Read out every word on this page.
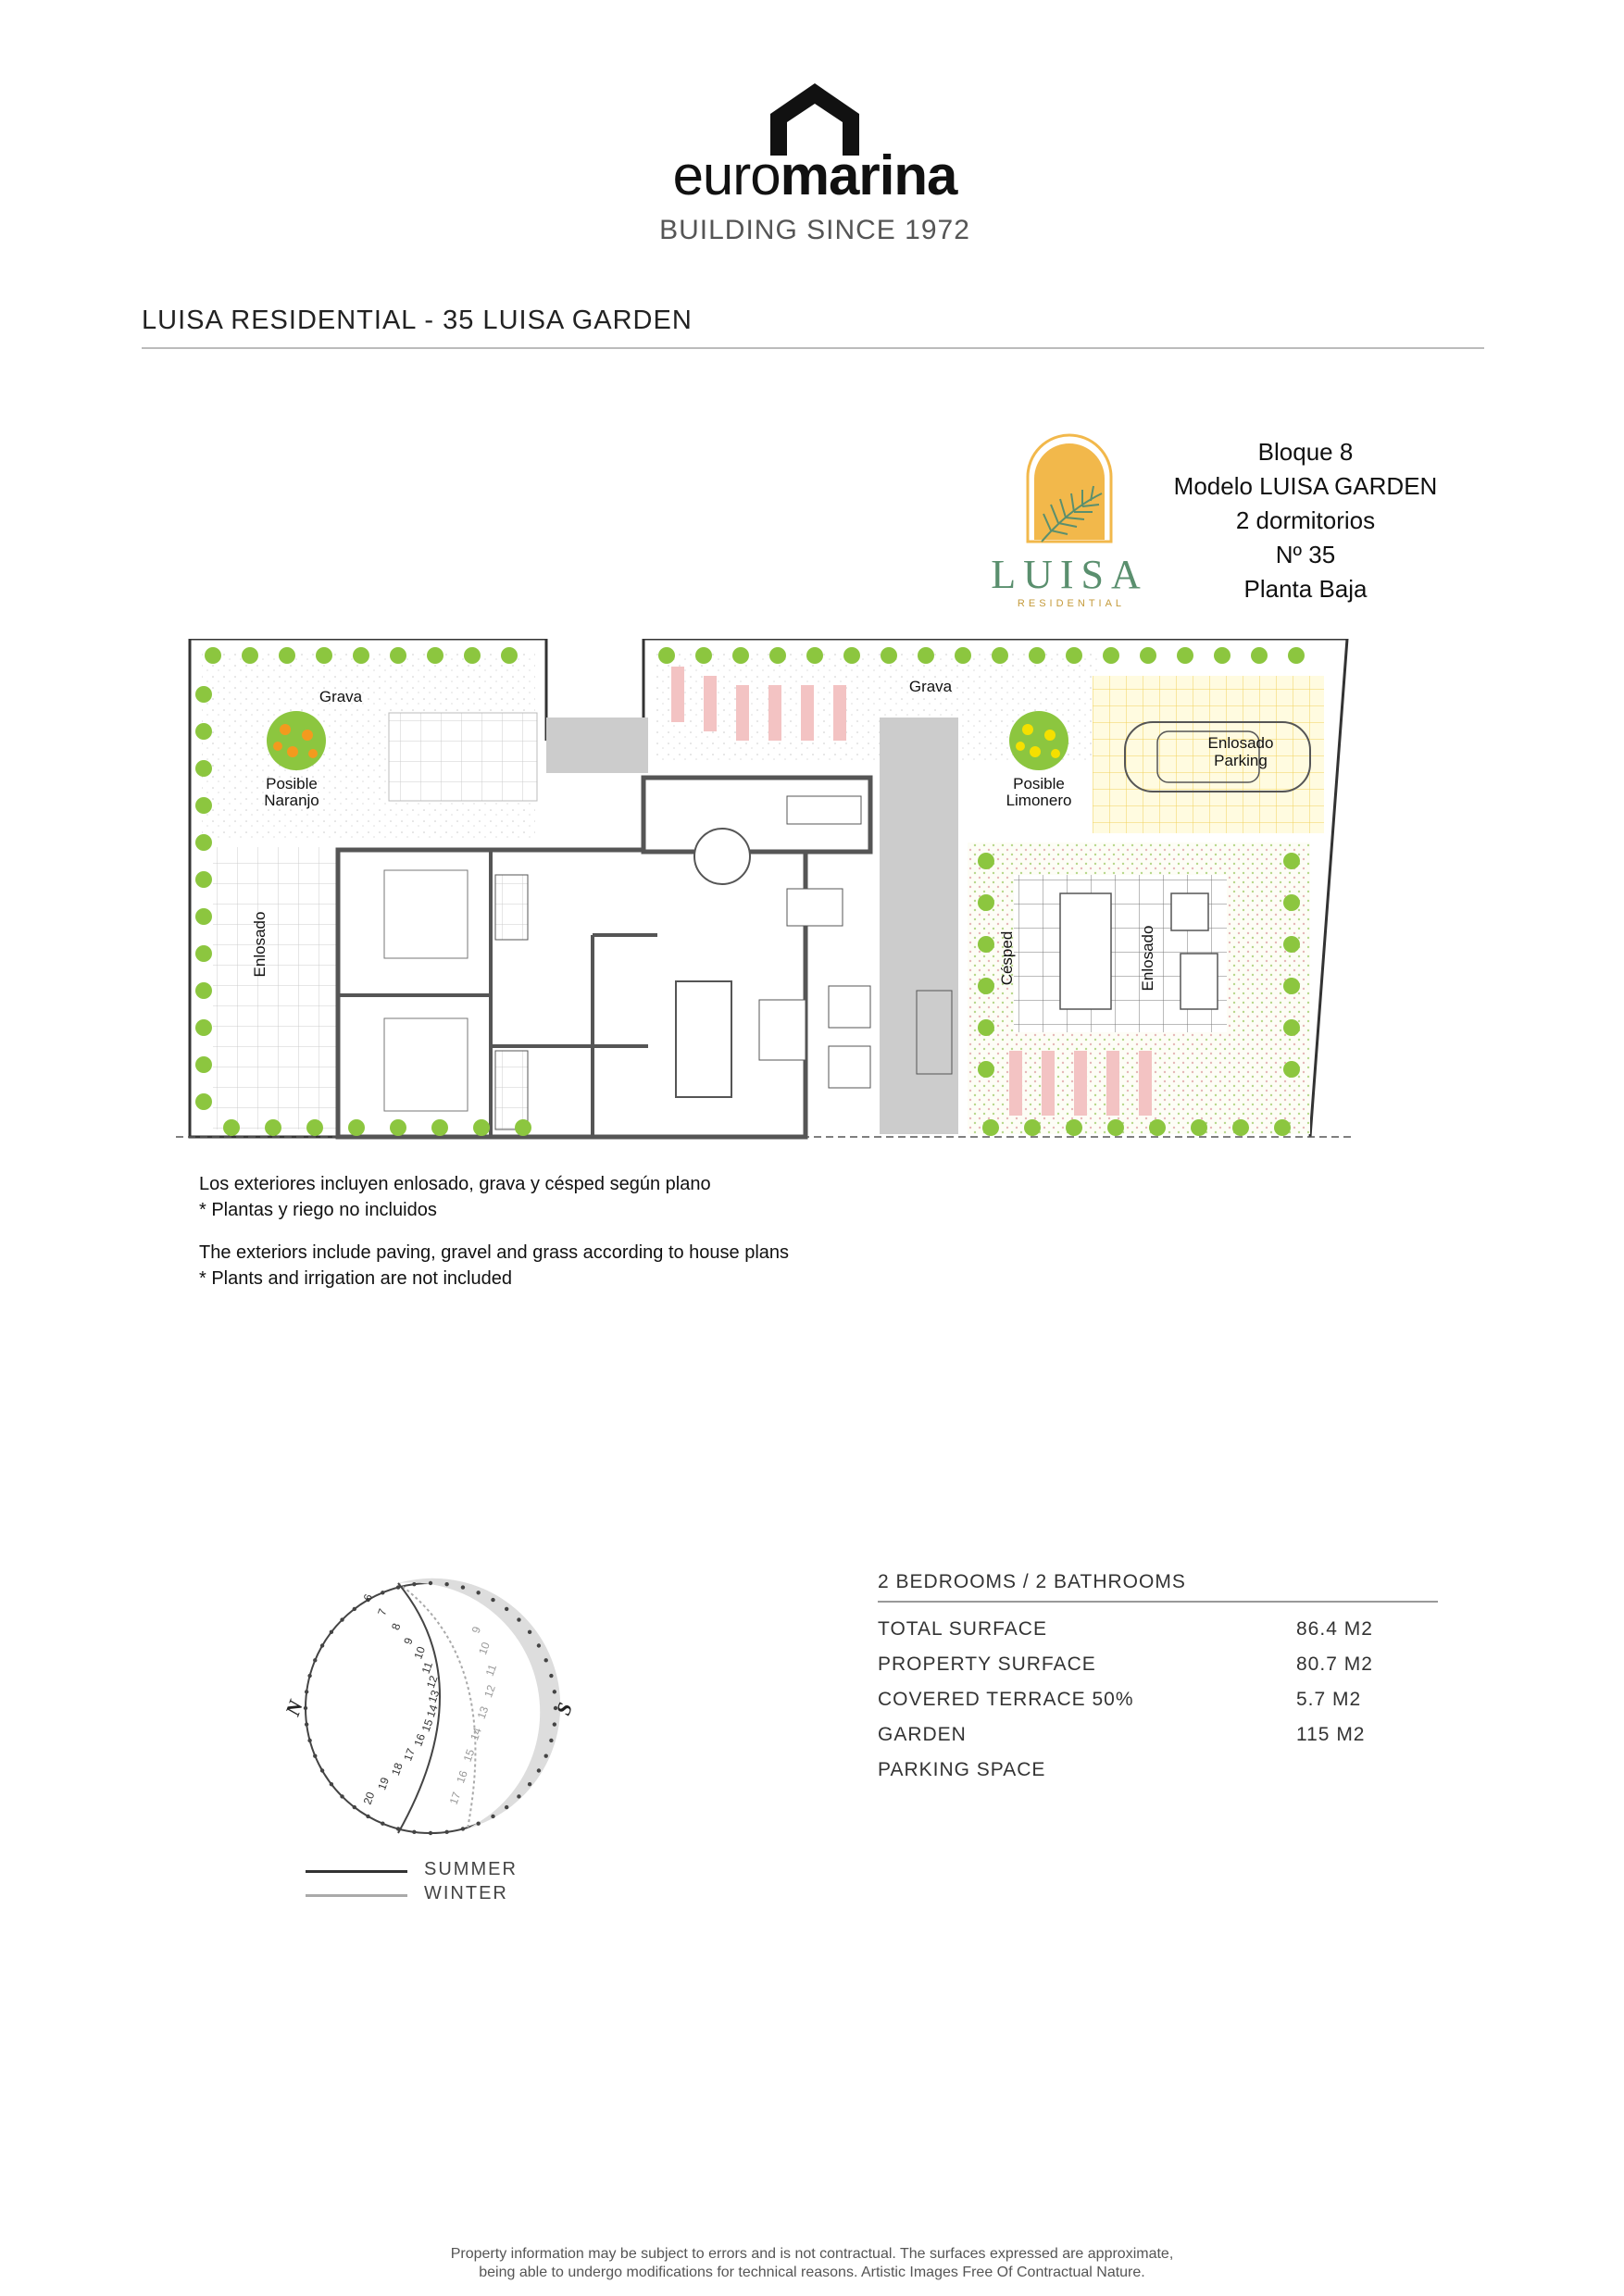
euromarina
BUILDING SINCE 1972
LUISA RESIDENTIAL - 35 LUISA GARDEN
LUISA
RESIDENTIAL
Bloque 8
Modelo LUISA GARDEN
2 dormitorios
Nº 35
Planta Baja
Grava
Grava
Posible
Naranjo
Posible
Limonero
Enlosado
Parking
Enlosado	Césped	Enlosado

Los exteriores incluyen enlosado, grava y césped según plano

* Plantas y riego no incluidos

The exteriors include paving, gravel and grass according to house plans

* Plants and irrigation are not included

6
7
8
9
10
11
12
13
14
15
16
17
18
19
20
9
10
11
12
13
14
15
16
17
N	S
SUMMER
WINTER
2 BEDROOMS / 2 BATHROOMS
TOTAL SURFACE	86.4 M2
PROPERTY SURFACE	80.7 M2
COVERED TERRACE 50%	5.7 M2
GARDEN	115 M2
PARKING SPACE
Property information may be subject to errors and is not contractual. The surfaces expressed are approximate,
being able to undergo modifications for technical reasons. Artistic Images Free Of Contractual Nature.
